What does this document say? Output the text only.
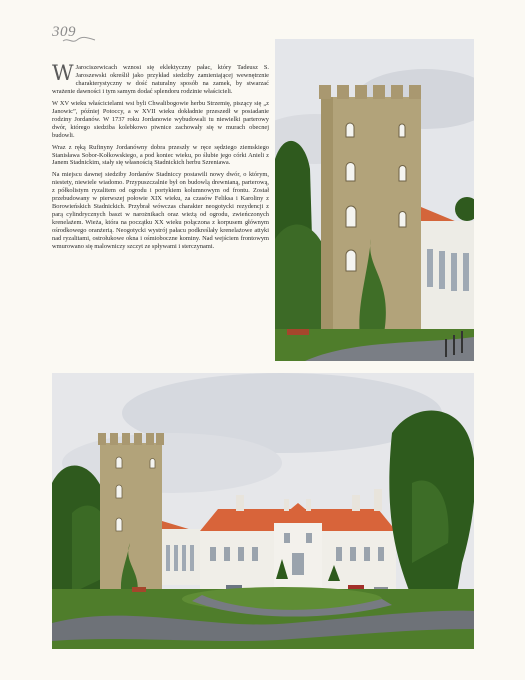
309

W Jarociszewicach wznosi się eklektyczny pałac, który Tadeusz S. Jaroszewski określił jako przykład siedziby zamieniającej wewnętrznie charakterystyczny w dość naturalny sposób na zamek, by stwarzać wrażenie dawności i tym samym dodać splendoru rodzinie właścicieli.

W XV wieku właścicielami wsi byli Chwalibogowie herbu Strzemię, piszący się „z Janowic”, później Potoccy, a w XVII wieku dokładnie przeszedł w posiadanie rodziny Jordanów. W 1737 roku Jordanowie wybudowali tu niewielki parterowy dwór, którego siedziba kolebkowo piwnice zachowały się w murach obecnej budowli.

Wraz z ręką Rufinyny Jordanówny dobra przeszły w ręce sędziego ziemskiego Stanisława Sobor-Kołkowskiego, a pod koniec wieku, po ślubie jego córki Anieli z Janem Stadnickim, stały się własnością Stadnickich herbu Szreniawa.

Na miejscu dawnej siedziby Jordanów Stadniccy postawili nowy dwór, o którym, niestety, niewiele wiadomo. Przypuszczalnie był on budowlą drewnianą, parterową, z półkolistym ryzalitem od ogrodu i portykiem kolumnowym od frontu. Został przebudowany w pierwszej połowie XIX wieku, za czasów Feliksa i Karoliny z Borowieńskich Stadnickich. Przybrał wówczas charakter neogotycki rezydencji z parą cylindrycznych baszt w narożnikach oraz wieżą od ogrodu, zwieńczonych krenelażem. Wieża, która na początku XX wieku połączona z korpusem głównym ośrodkowego oranżerią. Neogotycki wystrój pałacu podkreślały krenelażowe attyki nad ryzalitami, ostrołukowe okna i ośmioboczne kominy. Nad wejściem frontowym wmurowano się malowniczy szczyt ze spływami i sterczynami.
